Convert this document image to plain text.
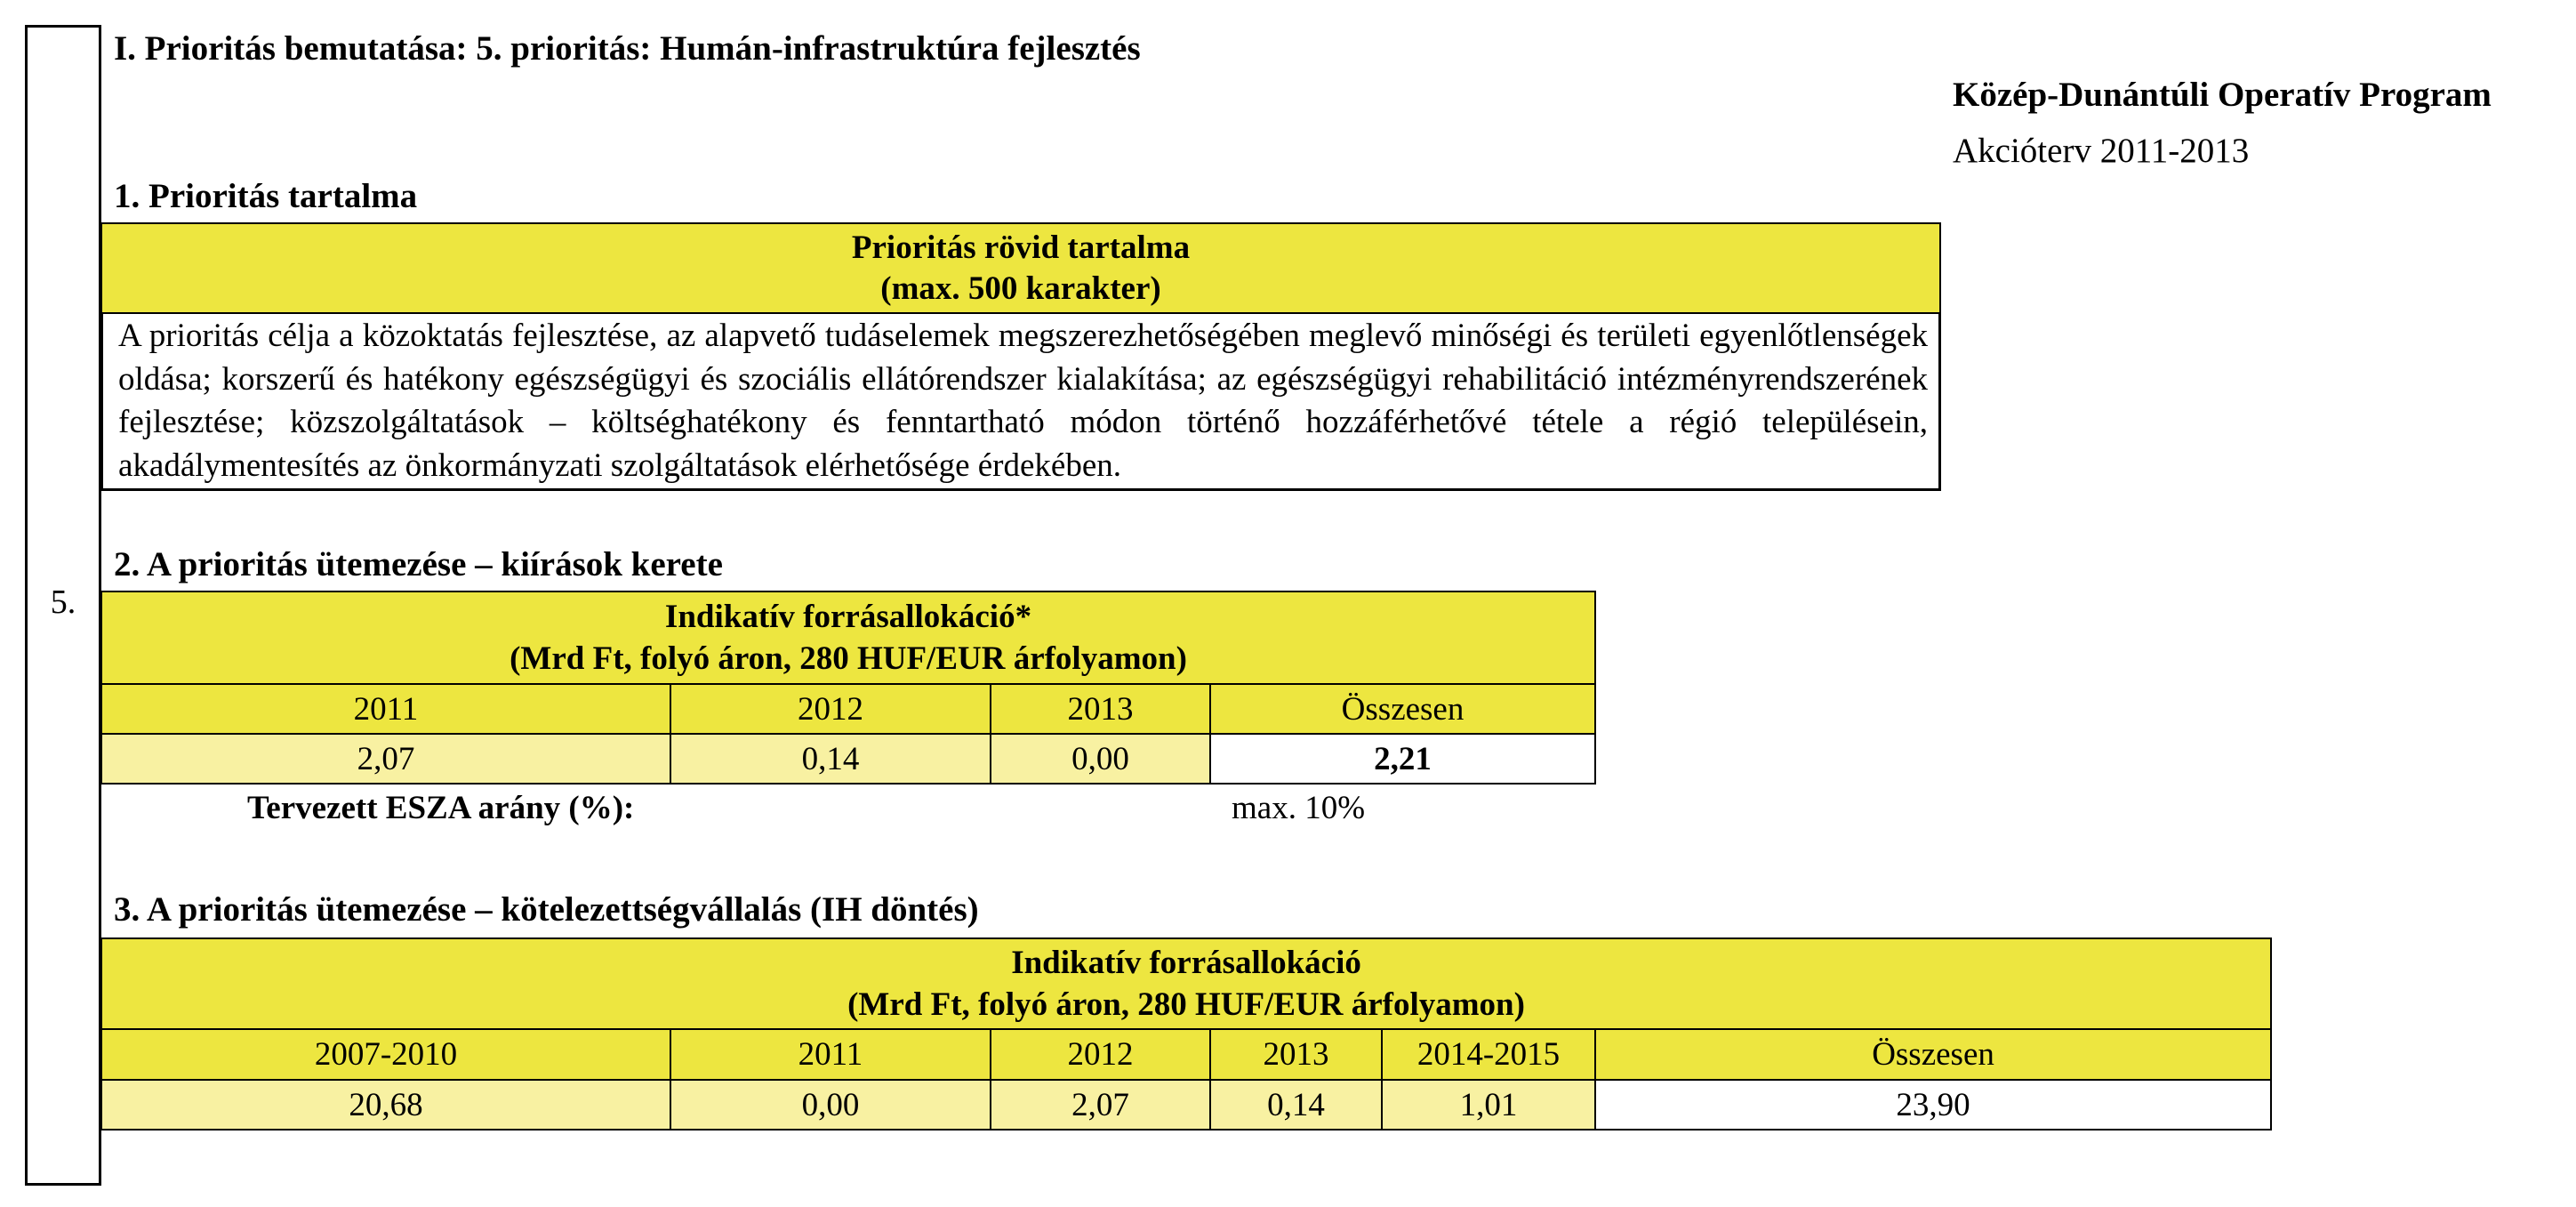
5.
I. Prioritás bemutatása: 5. prioritás: Humán-infrastruktúra fejlesztés
Közép-Dunántúli Operatív Program
Akcióterv 2011-2013
1. Prioritás tartalma
Prioritás rövid tartalma
(max. 500 karakter)
A prioritás célja a közoktatás fejlesztése, az alapvető tudáselemek megszerezhetőségében meglevő minőségi és területi egyenlőtlenségek oldása; korszerű és hatékony egészségügyi és szociális ellátórendszer kialakítása; az egészségügyi rehabilitáció intézményrendszerének fejlesztése; közszolgáltatások – költséghatékony és fenntartható módon történő hozzáférhetővé tétele a régió településein, akadálymentesítés az önkormányzati szolgáltatások elérhetősége érdekében.
2. A prioritás ütemezése – kiírások kerete
Indikatív forrásallokáció*
(Mrd Ft, folyó áron, 280 HUF/EUR árfolyamon)			

2011	2012	2013	Összesen
2,07	0,14	0,00	2,21
Tervezett ESZA arány (%):	max. 10%
3. A prioritás ütemezése – kötelezettségvállalás (IH döntés)
Indikatív forrásallokáció
(Mrd Ft, folyó áron, 280 HUF/EUR árfolyamon)					

2007-2010	2011	2012	2013	2014-2015	Összesen
20,68	0,00	2,07	0,14	1,01	23,90
